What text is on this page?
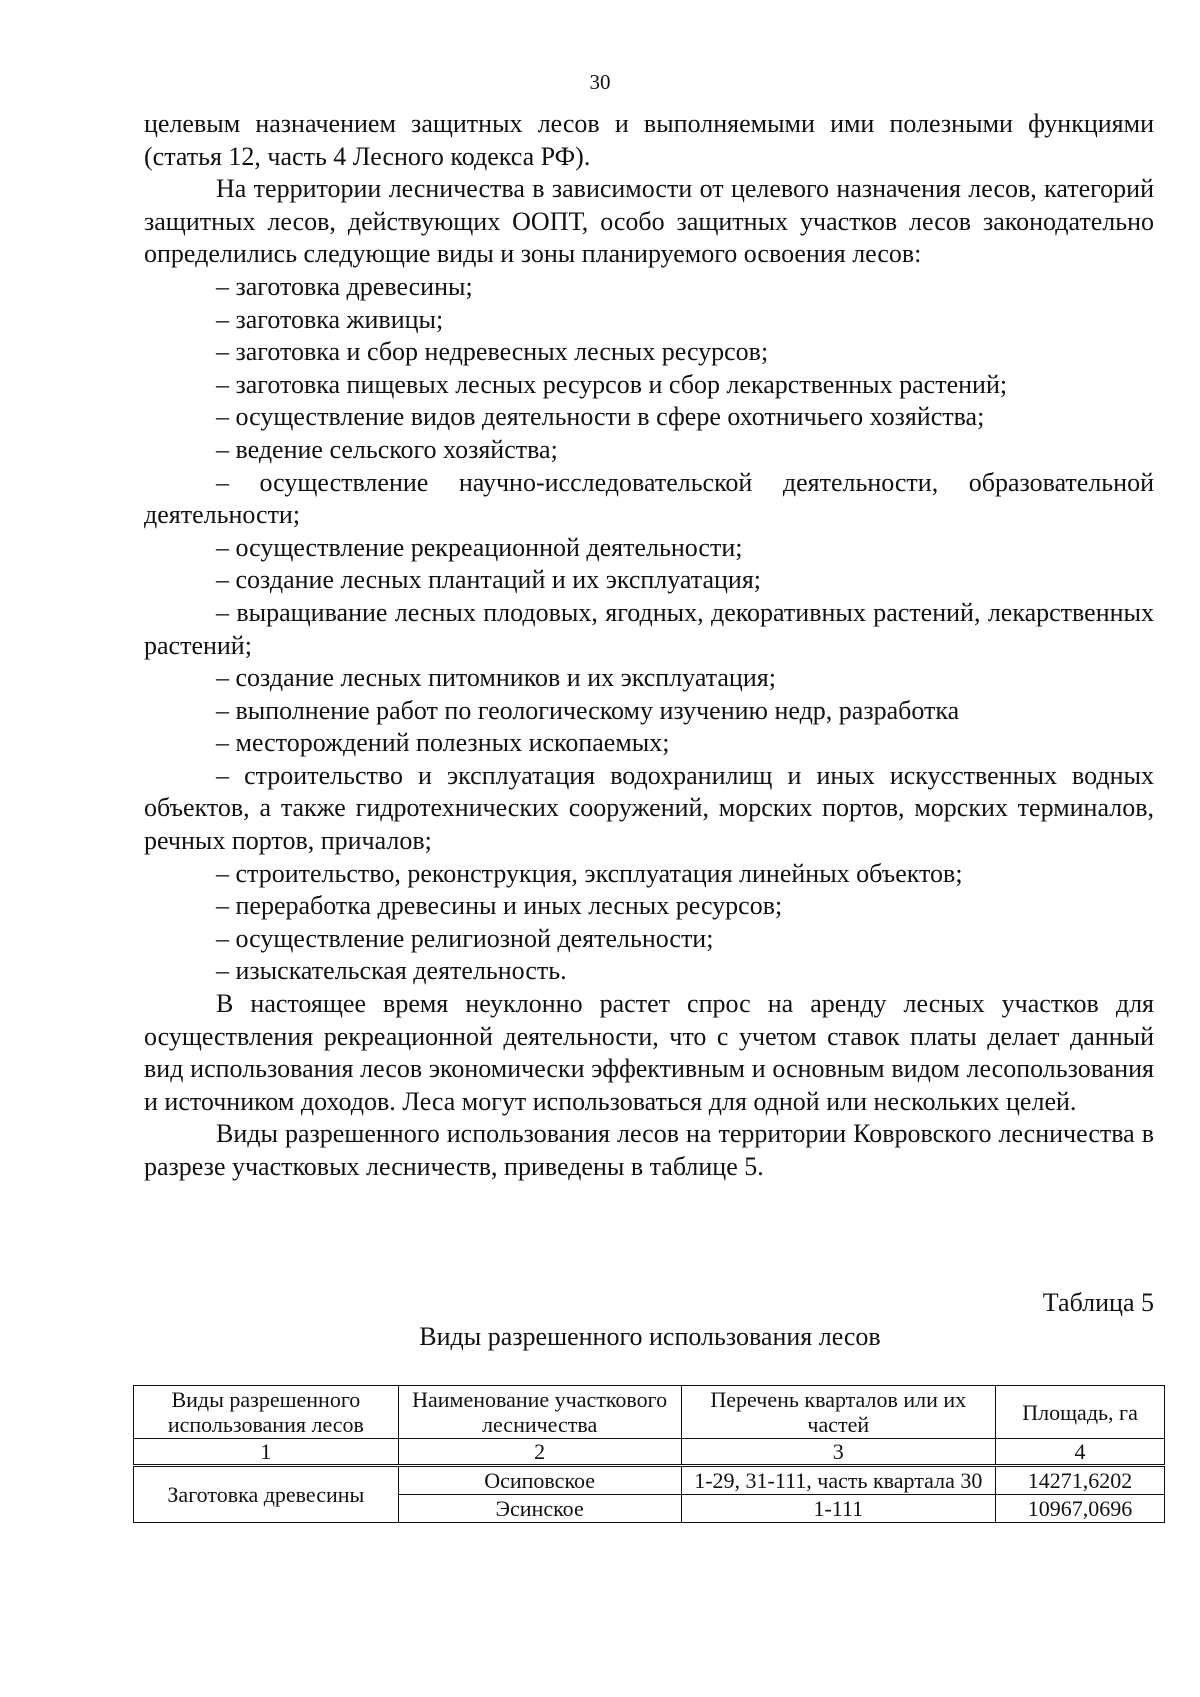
30

целевым назначением защитных лесов и выполняемыми ими полезными функциями (статья 12, часть 4 Лесного кодекса РФ).

На территории лесничества в зависимости от целевого назначения лесов, категорий защитных лесов, действующих ООПТ, особо защитных участков лесов законодательно определились следующие виды и зоны планируемого освоения лесов:

– заготовка древесины;

– заготовка живицы;

– заготовка и сбор недревесных лесных ресурсов;

– заготовка пищевых лесных ресурсов и сбор лекарственных растений;

– осуществление видов деятельности в сфере охотничьего хозяйства;

– ведение сельского хозяйства;

– осуществление научно-исследовательской деятельности, образовательной деятельности;

– осуществление рекреационной деятельности;

– создание лесных плантаций и их эксплуатация;

– выращивание лесных плодовых, ягодных, декоративных растений, лекарственных растений;

– создание лесных питомников и их эксплуатация;

– выполнение работ по геологическому изучению недр, разработка

– месторождений полезных ископаемых;

– строительство и эксплуатация водохранилищ и иных искусственных водных объектов, а также гидротехнических сооружений, морских портов, морских терминалов, речных портов, причалов;

– строительство, реконструкция, эксплуатация линейных объектов;

– переработка древесины и иных лесных ресурсов;

– осуществление религиозной деятельности;

– изыскательская деятельность.

В настоящее время неуклонно растет спрос на аренду лесных участков для осуществления рекреационной деятельности, что с учетом ставок платы делает данный вид использования лесов экономически эффективным и основным видом лесопользования и источником доходов. Леса могут использоваться для одной или нескольких целей.

Виды разрешенного использования лесов на территории Ковровского лесничества в разрезе участковых лесничеств, приведены в таблице 5.

Таблица 5
Виды разрешенного использования лесов
Виды разрешенного использования лесов	Наименование участкового лесничества	Перечень кварталов или их частей	Площадь, га
1	2	3	4
Заготовка древесины	Осиповское	1-29, 31-111, часть квартала 30	14271,6202
	Эсинское	1-111	10967,0696
